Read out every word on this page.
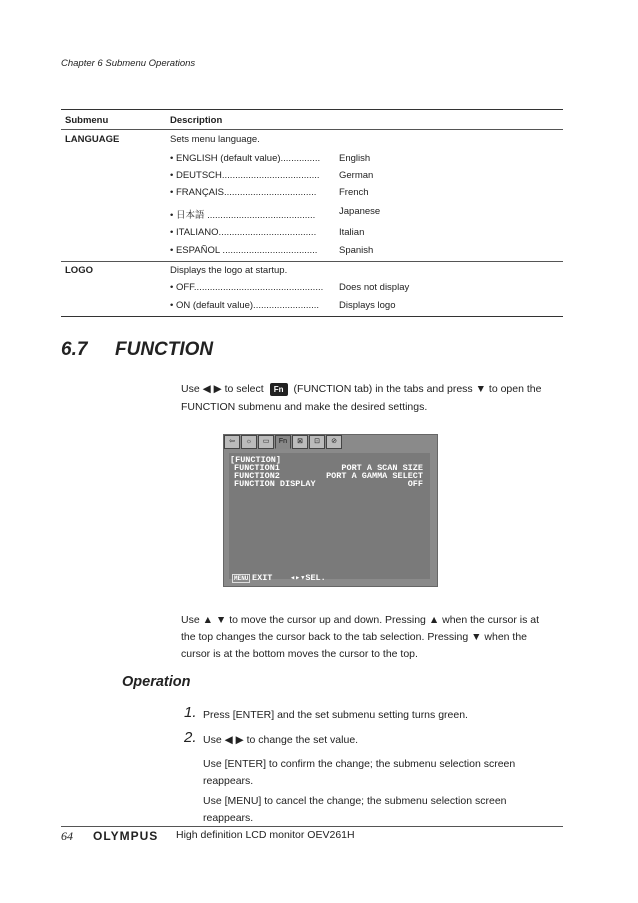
Chapter 6 Submenu Operations
Submenu	Description
LANGUAGE	Sets menu language.
• ENGLISH (default value)...............	English
• DEUTSCH.....................................	German
• FRANÇAIS...................................	French
• 日本語 .........................................	Japanese
• ITALIANO.....................................	Italian
• ESPAÑOL ....................................	Spanish
LOGO	Displays the logo at startup.
• OFF.................................................	Does not display
• ON (default value).........................	Displays logo
6.7 FUNCTION
Use ◀ ▶ to select Fn (FUNCTION tab) in the tabs and press ▼ to open the
FUNCTION submenu and make the desired settings.
⇦	☼	▭	Fn	⊠	⊡	⊘
[FUNCTION]
FUNCTION1	PORT A SCAN SIZE
FUNCTION2	PORT A GAMMA SELECT
FUNCTION DISPLAY	OFF
MENU EXIT ◂▸▾SEL.
Use ▲ ▼ to move the cursor up and down. Pressing ▲ when the cursor is at
the top changes the cursor back to the tab selection. Pressing ▼ when the
cursor is at the bottom moves the cursor to the top.
Operation
1. Press [ENTER] and the set submenu setting turns green.
2. Use ◀ ▶ to change the set value.
Use [ENTER] to confirm the change; the submenu selection screen
reappears.
Use [MENU] to cancel the change; the submenu selection screen
reappears.
64 OLYMPUS High definition LCD monitor OEV261H
